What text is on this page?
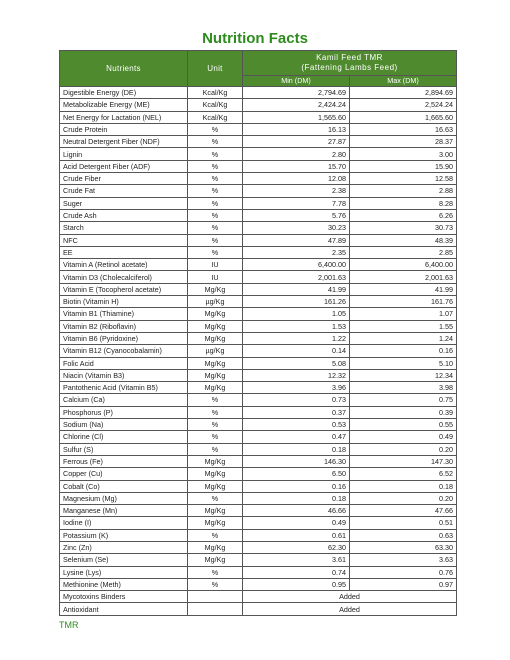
Nutrition Facts
Nutrients	Unit	Kamil Feed TMR
(Fattening Lambs Feed)	
		Min (DM)	Max (DM)
Digestible Energy (DE)	Kcal/Kg	2,794.69	2,894.69
Metabolizable Energy (ME)	Kcal/Kg	2,424.24	2,524.24
Net Energy for Lactation (NEL)	Kcal/Kg	1,565.60	1,665.60
Crude Protein	%	16.13	16.63
Neutral Detergent Fiber (NDF)	%	27.87	28.37
Lignin	%	2.80	3.00
Acid Detergent Fiber (ADF)	%	15.70	15.90
Crude Fiber	%	12.08	12.58
Crude Fat	%	2.38	2.88
Suger	%	7.78	8.28
Crude Ash	%	5.76	6.26
Starch	%	30.23	30.73
NFC	%	47.89	48.39
EE	%	2.35	2.85
Vitamin A (Retinol acetate)	IU	6,400.00	6,400.00
Vitamin D3 (Cholecalciferol)	IU	2,001.63	2,001.63
Vitamin E (Tocopherol acetate)	Mg/Kg	41.99	41.99
Biotin (Vitamin H)	µg/Kg	161.26	161.76
Vitamin B1 (Thiamine)	Mg/Kg	1.05	1.07
Vitamin B2 (Riboflavin)	Mg/Kg	1.53	1.55
Vitamin B6 (Pyridoxine)	Mg/Kg	1.22	1.24
Vitamin B12 (Cyanocobalamin)	µg/Kg	0.14	0.16
Folic Acid	Mg/Kg	5.08	5.10
Niacin (Vitamin B3)	Mg/Kg	12.32	12.34
Pantothenic Acid (Vitamin B5)	Mg/Kg	3.96	3.98
Calcium (Ca)	%	0.73	0.75
Phosphorus (P)	%	0.37	0.39
Sodium (Na)	%	0.53	0.55
Chlorine (Cl)	%	0.47	0.49
Sulfur (S)	%	0.18	0.20
Ferrous (Fe)	Mg/Kg	146.30	147.30
Copper (Cu)	Mg/Kg	6.50	6.52
Cobalt (Co)	Mg/Kg	0.16	0.18
Magnesium (Mg)	%	0.18	0.20
Manganese (Mn)	Mg/Kg	46.66	47.66
Iodine (I)	Mg/Kg	0.49	0.51
Potassium (K)	%	0.61	0.63
Zinc (Zn)	Mg/Kg	62.30	63.30
Selenium (Se)	Mg/Kg	3.61	3.63
Lysine (Lys)	%	0.74	0.76
Methionine (Meth)	%	0.95	0.97
Mycotoxins Binders		Added	
Antioxidant		Added	
TMR
